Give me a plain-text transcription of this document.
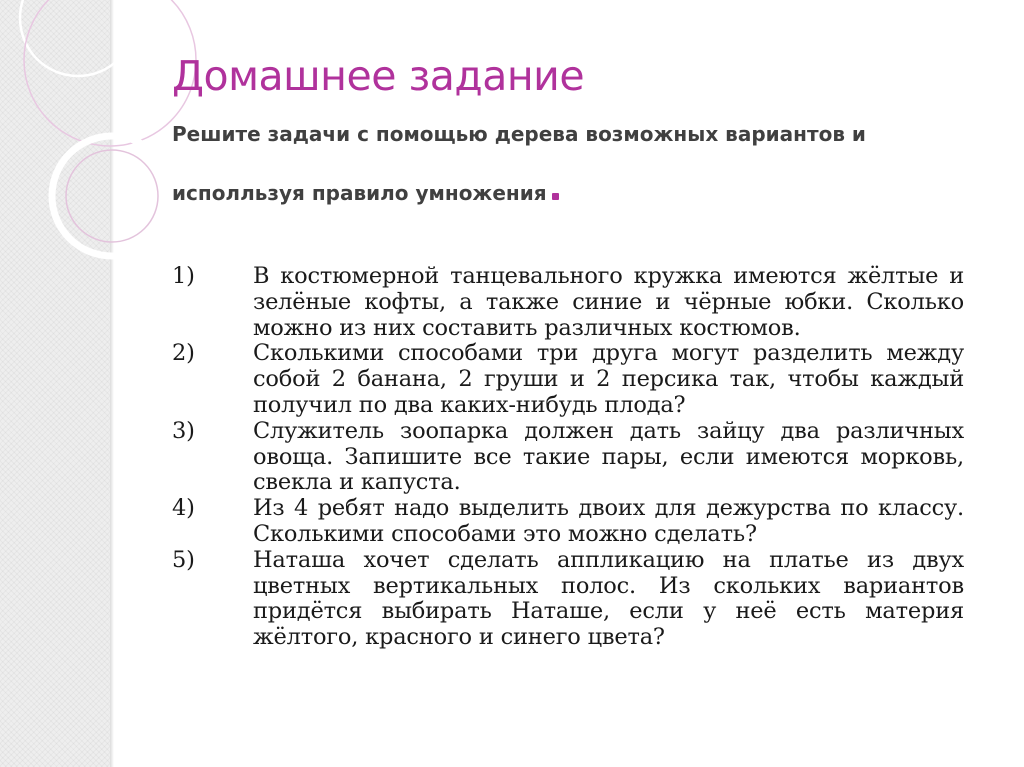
Домашнее задание

Решите задачи с помощью дерева возможных вариантов и

исполльзуя правило умножения

1)	В костюмерной танцевального кружка имеются жёлтые и зелёные кофты, а также синие и чёрные юбки. Сколько можно из них составить различных костюмов.
2)	Сколькими способами три друга могут разделить между собой 2 банана, 2 груши и 2 персика так, чтобы каждый получил по два каких-нибудь плода?
3)	Служитель зоопарка должен дать зайцу два различных овоща. Запишите все такие пары, если имеются морковь, свекла и капуста.
4)	Из 4 ребят надо выделить двоих для дежурства по классу. Сколькими способами это можно сделать?
5)	Наташа хочет сделать аппликацию на платье из двух цветных вертикальных полос. Из скольких вариантов придётся выбирать Наташе, если у неё есть материя жёлтого, красного и синего цвета?
